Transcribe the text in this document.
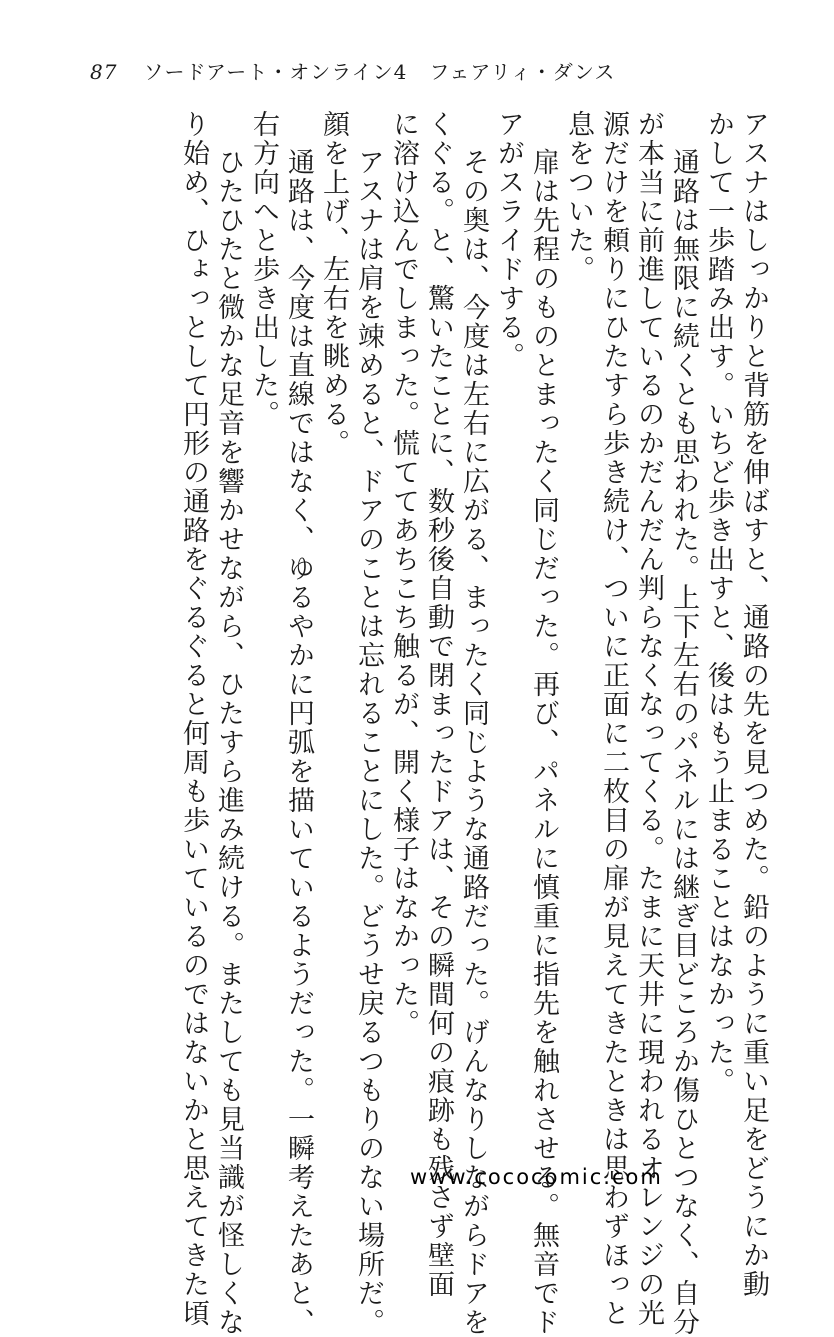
87 ソードアート・オンライン4 フェアリィ・ダンス
アスナはしっかりと背筋を伸ばすと、通路の先を見つめた。鉛のように重い足をどうにか動
かして一歩踏み出す。いちど歩き出すと、後はもう止まることはなかった。
通路は無限に続くとも思われた。上下左右のパネルには継ぎ目どころか傷ひとつなく、自分
が本当に前進しているのかだんだん判らなくなってくる。たまに天井に現われるオレンジの光
源だけを頼りにひたすら歩き続け、ついに正面に二枚目の扉が見えてきたときは思わずほっと
息をついた。
扉は先程のものとまったく同じだった。再び、パネルに慎重に指先を触れさせる。無音でド
アがスライドする。
その奥は、今度は左右に広がる、まったく同じような通路だった。げんなりしながらドアを
くぐる。と、驚いたことに、数秒後自動で閉まったドアは、その瞬間何の痕跡も残さず壁面
に溶け込んでしまった。慌ててあちこち触るが、開く様子はなかった。
アスナは肩を竦めると、ドアのことは忘れることにした。どうせ戻るつもりのない場所だ。
顔を上げ、左右を眺める。
通路は、今度は直線ではなく、ゆるやかに円弧を描いているようだった。一瞬考えたあと、
右方向へと歩き出した。
ひたひたと微かな足音を響かせながら、ひたすら進み続ける。またしても見当識が怪しくな
り始め、ひょっとして円形の通路をぐるぐると何周も歩いているのではないかと思えてきた頃	www.cococomic.com
